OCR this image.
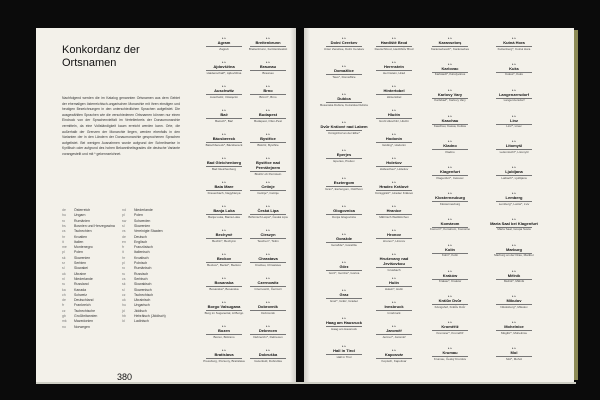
Konkordanz der Ortsnamen
Nachfolgend werden die im Katalog genannten Ortsnamen aus dem Gebiet der ehemaligen österreichisch-ungarischen Monarchie mit ihren einstigen und heutigen Bezeichnungen in den unterschiedlichen Sprachen aufgelistet. Die ausgewählten Sprachen wie die verschiedenen Ortsnamen können nur einen Eindruck von der Sprachenvielfalt im Verteilerkreis der Donaumonarchie vermitteln, da eine Vollständigkeit kaum erreicht werden kann. Orte, die außerhalb der Grenzen der Monarchie liegen, werden ebenfalls in den Varianten der in den Ländern der Donaumonarchie gesprochenen Sprachen aufgelistet. Bei wenigen Ausnahmen wurde aufgrund der Schreibweise in Kyrillisch oder aufgrund des hohen Bekanntheitsgrades die deutsche Variante vorangestellt und mit * gekennzeichnet.
de Österreich
hu Ungarn
ro	Rumänien
bs Bosnien und Herzegowina
cs Tschechien
hr	Kroatien
it	Italien
me Montenegro
pl	Polen
sk Slowenien
sr	Serbien
sl	Slowakei
uk Ukraine
nl	Niederlande
ru	Russland
ka Kanada
ch Schweiz
de Deutschland
fr	Frankreich
cz Tschechische
gb Großbritannien
mk Mazedonien
no Norwegen
nd Niederlande
pl	Polen
sw Schweden
sl	Slowenien
vs Vereinigte Staaten
de Deutsch
en Englisch
fr	Französisch
it	Italienisch
hr	Kroatisch
pl	Polnisch
ro	Rumänisch
ru	Russisch
cs Serbisch
sk Slowakisch
sl	Slowenisch
cz Tschechisch
uk Ukrainisch
hu Ungarisch
jd	Jiddisch
hb Hebräisch (Jiddisch)
ld	Ladinisch
380
▸ ▸
Agram
Zagreb
▸ ▸
Ajdovščina
Haidenschaft*, Ajdovščina
▸ ▸
Auschwitz
Auschwitz, Oświęcim
▸ ▸
Bač
Bacsch*, Bač
▸ ▸
Bácsbereck
Batschbereck*, Bácsbereck
▸ ▸
Bad Gleichenberg
Bad Gleichenberg
▸ ▸
Baia Mare
Frauenbach, Nagybánya
▸ ▸
Banja Luka
Banja Luka, Bania Luka
▸ ▸
Bechyně
Bechin*, Bechyně
▸ ▸
Beckov
Beckov*, Beckó*, Beckov
▸ ▸
Bosanska
Bosanska*, Bosanska
▸ ▸
Borgo Valsugana
Burg im Suganertal, Al Borgo
▸ ▸
Bozen
Bozen, Bolzano
▸ ▸
Bratislava
Pressburg, Pozsony, Bratislava
▸ ▸
Breitenbrunn
Breitenbrunn, Fertőszéleskút
▸ ▸
Braunau
Braunau
▸ ▸
Brno
Brünn*, Brno
▸ ▸
Budapest
Budapest, Ofen-Pest
▸ ▸
Bystřice
Bistritz, Bystřice
▸ ▸
Bystřice nad Pernštejnem
Bistritz ob Pernstein
▸ ▸
Cetinje
Cetinje*, Cetinje
▸ ▸
Česká Lípa
Böhmisch Leipa*, Česká Lípa
▸ ▸
Cieszyn
Teschen*, Těšín
▸ ▸
Chrastava
Kratzau, Chrastava
▸ ▸
Czernowitz
Czernowitz, Černivci
▸ ▸
Dobrovnik
Dobrovnik
▸ ▸
Debrecen
Debreczin*, Debrecen
▸ ▸
Dobruška
Gutenfeld, Dobruška
▸ ▸
Dolní Cerekev
Unter Zerekwe, Dolní Cerekev
▸ ▸
Domažlice
Taus*, Domažlice
▸ ▸
Dubica
Bosanska Dubica, Kozarska Dubica
▸ ▸
Dvůr Králové nad Labem
Königinhof an der Elbe*
▸ ▸
Eperjes
Eperies, Prešov
▸ ▸
Esztergom
Gran*, Esztergom, Ostřihom
▸ ▸
Glogovnica
Donja Glogovnica
▸ ▸
Goražde
Goražde*, Goražde
▸ ▸
Görz
Görz*, Gorizia*, Gorica
▸ ▸
Graz
Graz*, Grätz, Gradec
▸ ▸
Haag am Hausruck
Haag am Hausruck
▸ ▸
Hall in Tirol
Hall in Tirol
▸ ▸
Hardiště Brod
Deutschbrod, Havlíčkův Brod
▸ ▸
Herrnstein
Herrnstein, Hrad
▸ ▸
Hintertobel
Hintertobel
▸ ▸
Hlučín
Groß Hluschitz, Hlučín
▸ ▸
Hodonín
Göding*, Hodonín
▸ ▸
Holešov
Holleschau*, Holešov
▸ ▸
Hradec Králové
Königgrätz*, Hradec Králové
▸ ▸
Hranice
Mährisch Weißkirchen
▸ ▸
Hronov
Hronov*, Hronov
▸ ▸
Hruševany nad Jevišovkou
Grusbach
▸ ▸
Hulín
Hulein*, Hulín
▸ ▸
Innsbruck
Innsbruck
▸ ▸
Jaroměř
Jermer*, Jaroměř
▸ ▸
Kaposvár
Kopisch, Kapošvar
▸ ▸
Karansebeș
Karansebesch*, Karánsebes
▸ ▸
Karlovac
Karlstadt*, Károlyváros
▸ ▸
Karlovy Vary
Karlsbad*, Karlovy Vary
▸ ▸
Kaschau
Kaschau, Kassa, Košice
▸ ▸
Kladno
Kladno
▸ ▸
Klagenfurt
Klagenfurt*, Celovec
▸ ▸
Klosterneuburg
Klosterneuburg
▸ ▸
Komárom
Komorn*, Komárom, Komárno
▸ ▸
Kolín
Kolin*, Kolín
▸ ▸
Kraków
Krakau*, Kraków
▸ ▸
Králův Dvůr
Königshof, Králův Dvůr
▸ ▸
Kroměříž
Kremsier*, Kroměříž
▸ ▸
Krumau
Krumau, Český Krumlov
▸ ▸
Kutná Hora
Kuttenberg*, Kutná Hora
▸ ▸
Kuks
Kukus*, Kuks
▸ ▸
Langenzersdorf
Langenzersdorf
▸ ▸
Linz
Linz*, Linec
▸ ▸
Litomyšl
Leitomischl*, Litomyšl
▸ ▸
Ljubljana
Laibach*, Ljubljana
▸ ▸
Lemberg
Lemberg*, Lwów*, Lviv
▸ ▸
Maria Saal bei Klagenfurt
Maria Saal, Gospa Sveta
▸ ▸
Marburg
Marburg an der Drau, Maribor
▸ ▸
Mělník
Melnik*, Mělník
▸ ▸
Mikulov
Nikolsburg*, Mikulov
▸ ▸
Mohelnice
Müglitz*, Mohelnice
▸ ▸
Mol
Mol*, Mohol
